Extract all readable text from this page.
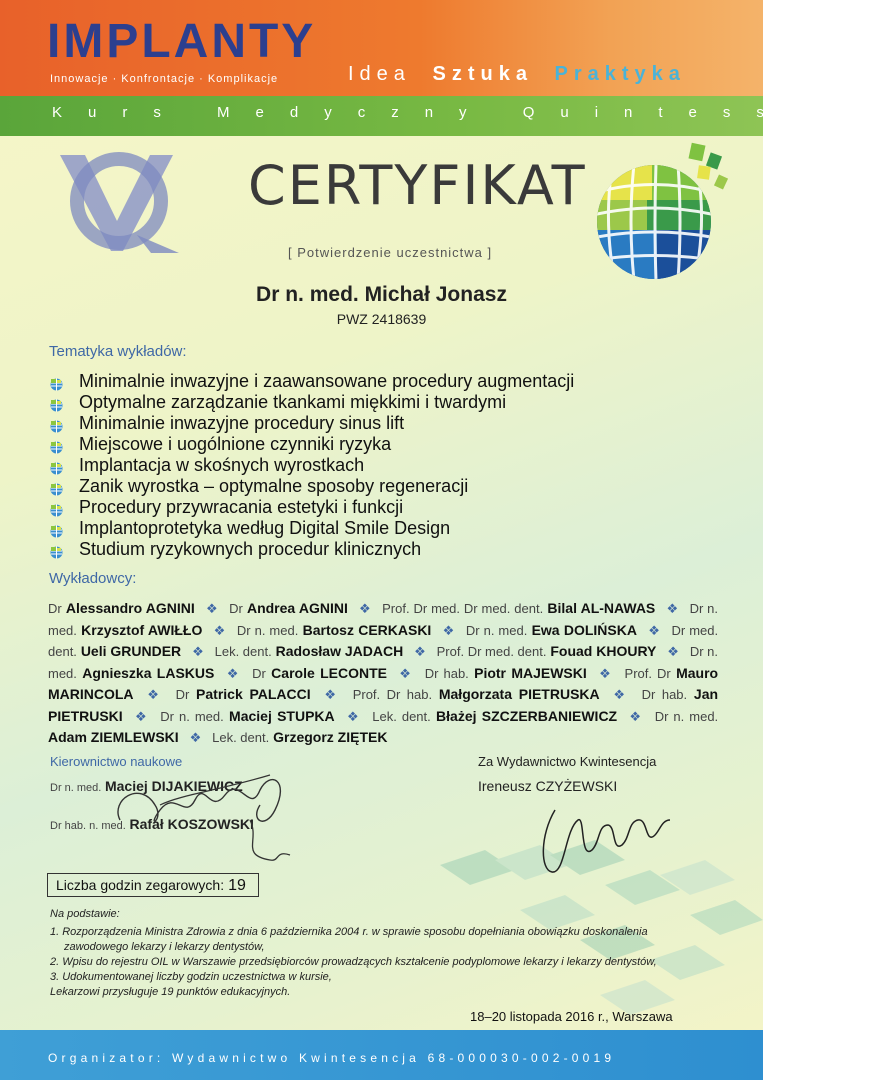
IMPLANTY
Innowacje · Konfrontacje · Komplikacje	Idea Sztuka Praktyka
Kurs Medyczny Quintessenz
CERTYFIKAT
[ Potwierdzenie uczestnictwa ]
Dr n. med. Michał Jonasz
PWZ 2418639
Tematyka wykładów:
Minimalnie inwazyjne i zaawansowane procedury augmentacji
Optymalne zarządzanie tkankami miękkimi i twardymi
Minimalnie inwazyjne procedury sinus lift
Miejscowe i uogólnione czynniki ryzyka
Implantacja w skośnych wyrostkach
Zanik wyrostka – optymalne sposoby regeneracji
Procedury przywracania estetyki i funkcji
Implantoprotetyka według Digital Smile Design
Studium ryzykownych procedur klinicznych
Wykładowcy:
Dr Alessandro AGNINI ❖ Dr Andrea AGNINI ❖ Prof. Dr med. Dr med. dent. Bilal AL-NAWAS ❖ Dr n. med. Krzysztof AWIŁŁO ❖ Dr n. med. Bartosz CERKASKI ❖ Dr n. med. Ewa DOLIŃSKA ❖ Dr med. dent. Ueli GRUNDER ❖ Lek. dent. Radosław JADACH ❖ Prof. Dr med. dent. Fouad KHOURY ❖ Dr n. med. Agnieszka LASKUS ❖ Dr Carole LECONTE ❖ Dr hab. Piotr MAJEWSKI ❖ Prof. Dr Mauro MARINCOLA ❖ Dr Patrick PALACCI ❖ Prof. Dr hab. Małgorzata PIETRUSKA ❖ Dr hab. Jan PIETRUSKI ❖ Dr n. med. Maciej STUPKA ❖ Lek. dent. Błażej SZCZERBANIEWICZ ❖ Dr n. med. Adam ZIEMLEWSKI ❖ Lek. dent. Grzegorz ZIĘTEK
Kierownictwo naukowe
Dr n. med. Maciej DIJAKIEWICZ
Dr hab. n. med. Rafał KOSZOWSKI
Za Wydawnictwo Kwintesencja
Ireneusz CZYŻEWSKI
Liczba godzin zegarowych: 19
Na podstawie:

1. Rozporządzenia Ministra Zdrowia z dnia 6 października 2004 r. w sprawie sposobu dopełniania obowiązku doskonalenia

zawodowego lekarzy i lekarzy dentystów,

2. Wpisu do rejestru OIL w Warszawie przedsiębiorców prowadzących kształcenie podyplomowe lekarzy i lekarzy dentystów,

3. Udokumentowanej liczby godzin uczestnictwa w kursie,

Lekarzowi przysługuje 19 punktów edukacyjnych.

18–20 listopada 2016 r., Warszawa
Organizator: Wydawnictwo Kwintesencja 68-000030-002-0019
